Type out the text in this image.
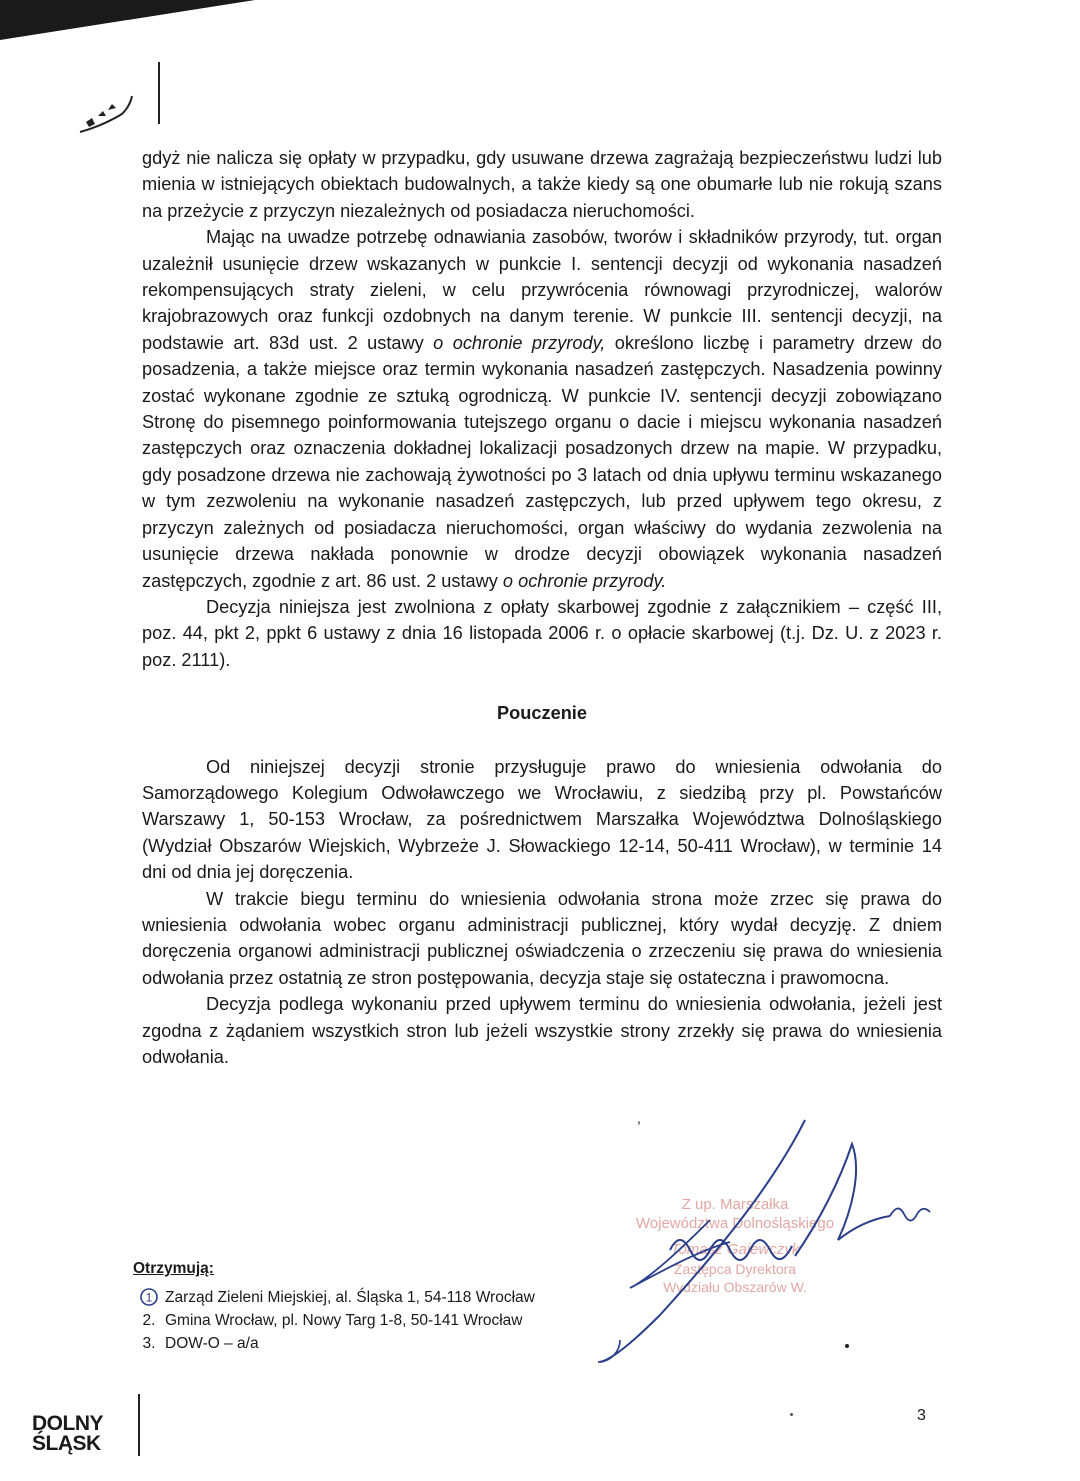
gdyż nie nalicza się opłaty w przypadku, gdy usuwane drzewa zagrażają bezpieczeństwu ludzi lub mienia w istniejących obiektach budowalnych, a także kiedy są one obumarłe lub nie rokują szans na przeżycie z przyczyn niezależnych od posiadacza nieruchomości.

Mając na uwadze potrzebę odnawiania zasobów, tworów i składników przyrody, tut. organ uzależnił usunięcie drzew wskazanych w punkcie I. sentencji decyzji od wykonania nasadzeń rekompensujących straty zieleni, w celu przywrócenia równowagi przyrodniczej, walorów krajobrazowych oraz funkcji ozdobnych na danym terenie. W punkcie III. sentencji decyzji, na podstawie art. 83d ust. 2 ustawy o ochronie przyrody, określono liczbę i parametry drzew do posadzenia, a także miejsce oraz termin wykonania nasadzeń zastępczych. Nasadzenia powinny zostać wykonane zgodnie ze sztuką ogrodniczą. W punkcie IV. sentencji decyzji zobowiązano Stronę do pisemnego poinformowania tutejszego organu o dacie i miejscu wykonania nasadzeń zastępczych oraz oznaczenia dokładnej lokalizacji posadzonych drzew na mapie. W przypadku, gdy posadzone drzewa nie zachowają żywotności po 3 latach od dnia upływu terminu wskazanego w tym zezwoleniu na wykonanie nasadzeń zastępczych, lub przed upływem tego okresu, z przyczyn zależnych od posiadacza nieruchomości, organ właściwy do wydania zezwolenia na usunięcie drzewa nakłada ponownie w drodze decyzji obowiązek wykonania nasadzeń zastępczych, zgodnie z art. 86 ust. 2 ustawy o ochronie przyrody.

Decyzja niniejsza jest zwolniona z opłaty skarbowej zgodnie z załącznikiem – część III, poz. 44, pkt 2, ppkt 6 ustawy z dnia 16 listopada 2006 r. o opłacie skarbowej (t.j. Dz. U. z 2023 r. poz. 2111).

Pouczenie

Od niniejszej decyzji stronie przysługuje prawo do wniesienia odwołania do Samorządowego Kolegium Odwoławczego we Wrocławiu, z siedzibą przy pl. Powstańców Warszawy 1, 50-153 Wrocław, za pośrednictwem Marszałka Województwa Dolnośląskiego (Wydział Obszarów Wiejskich, Wybrzeże J. Słowackiego 12-14, 50-411 Wrocław), w terminie 14 dni od dnia jej doręczenia.

W trakcie biegu terminu do wniesienia odwołania strona może zrzec się prawa do wniesienia odwołania wobec organu administracji publicznej, który wydał decyzję. Z dniem doręczenia organowi administracji publicznej oświadczenia o zrzeczeniu się prawa do wniesienia odwołania przez ostatnią ze stron postępowania, decyzja staje się ostateczna i prawomocna.

Decyzja podlega wykonaniu przed upływem terminu do wniesienia odwołania, jeżeli jest zgodna z żądaniem wszystkich stron lub jeżeli wszystkie strony zrzekły się prawa do wniesienia odwołania.

,
Otrzymują:
1 Zarząd Zieleni Miejskiej, al. Śląska 1, 54-118 Wrocław
2. Gmina Wrocław, pl. Nowy Targ 1-8, 50-141 Wrocław
3. DOW-O – a/a
Z up. Marszałka
Województwa Dolnośląskiego
Tomasz Gajewczyk
Zastępca Dyrektora
Wydziału Obszarów W.
3
DOLNY
ŚLĄSK
